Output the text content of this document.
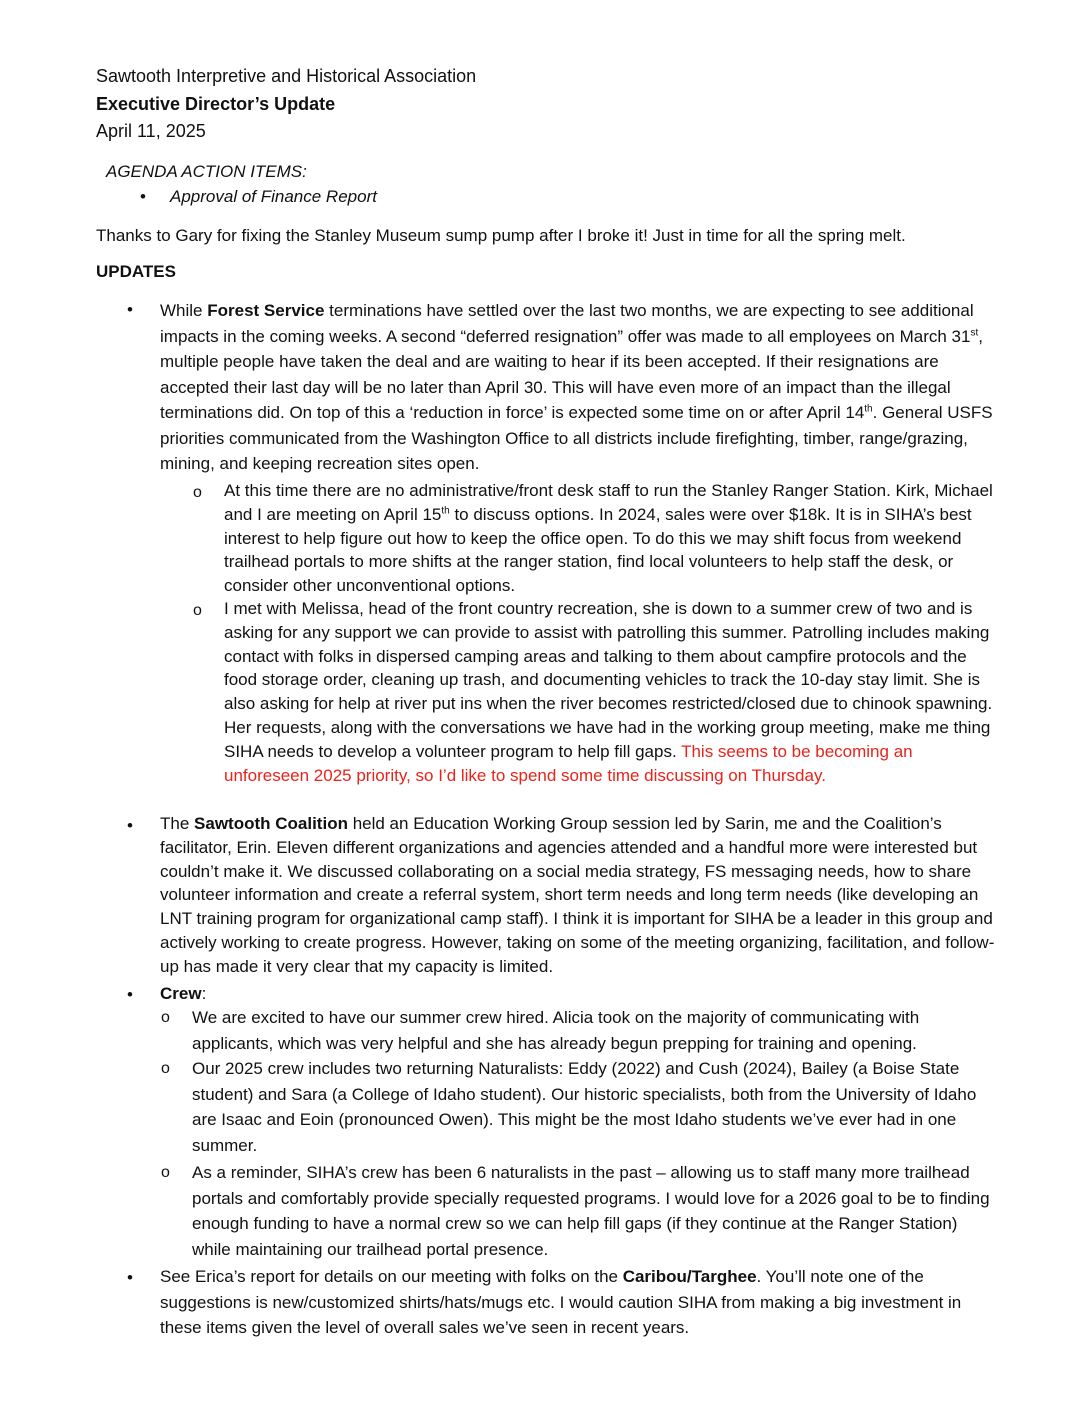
Sawtooth Interpretive and Historical Association
Executive Director’s Update
April 11, 2025
AGENDA ACTION ITEMS:
• Approval of Finance Report
Thanks to Gary for fixing the Stanley Museum sump pump after I broke it! Just in time for all the spring melt.
UPDATES
• While Forest Service terminations have settled over the last two months, we are expecting to see additional impacts in the coming weeks. A second “deferred resignation” offer was made to all employees on March 31st, multiple people have taken the deal and are waiting to hear if its been accepted. If their resignations are accepted their last day will be no later than April 30. This will have even more of an impact than the illegal terminations did. On top of this a ‘reduction in force’ is expected some time on or after April 14th. General USFS priorities communicated from the Washington Office to all districts include firefighting, timber, range/grazing, mining, and keeping recreation sites open.
o At this time there are no administrative/front desk staff to run the Stanley Ranger Station. Kirk, Michael and I are meeting on April 15th to discuss options. In 2024, sales were over $18k. It is in SIHA’s best interest to help figure out how to keep the office open. To do this we may shift focus from weekend trailhead portals to more shifts at the ranger station, find local volunteers to help staff the desk, or consider other unconventional options.
o I met with Melissa, head of the front country recreation, she is down to a summer crew of two and is asking for any support we can provide to assist with patrolling this summer. Patrolling includes making contact with folks in dispersed camping areas and talking to them about campfire protocols and the food storage order, cleaning up trash, and documenting vehicles to track the 10-day stay limit. She is also asking for help at river put ins when the river becomes restricted/closed due to chinook spawning. Her requests, along with the conversations we have had in the working group meeting, make me thing SIHA needs to develop a volunteer program to help fill gaps. This seems to be becoming an unforeseen 2025 priority, so I’d like to spend some time discussing on Thursday.
• The Sawtooth Coalition held an Education Working Group session led by Sarin, me and the Coalition’s facilitator, Erin. Eleven different organizations and agencies attended and a handful more were interested but couldn’t make it. We discussed collaborating on a social media strategy, FS messaging needs, how to share volunteer information and create a referral system, short term needs and long term needs (like developing an LNT training program for organizational camp staff). I think it is important for SIHA be a leader in this group and actively working to create progress. However, taking on some of the meeting organizing, facilitation, and follow-up has made it very clear that my capacity is limited.
• Crew:
o We are excited to have our summer crew hired. Alicia took on the majority of communicating with applicants, which was very helpful and she has already begun prepping for training and opening.
o Our 2025 crew includes two returning Naturalists: Eddy (2022) and Cush (2024), Bailey (a Boise State student) and Sara (a College of Idaho student). Our historic specialists, both from the University of Idaho are Isaac and Eoin (pronounced Owen). This might be the most Idaho students we’ve ever had in one summer.
o As a reminder, SIHA’s crew has been 6 naturalists in the past – allowing us to staff many more trailhead portals and comfortably provide specially requested programs. I would love for a 2026 goal to be to finding enough funding to have a normal crew so we can help fill gaps (if they continue at the Ranger Station) while maintaining our trailhead portal presence.
• See Erica’s report for details on our meeting with folks on the Caribou/Targhee. You’ll note one of the suggestions is new/customized shirts/hats/mugs etc. I would caution SIHA from making a big investment in these items given the level of overall sales we’ve seen in recent years.
